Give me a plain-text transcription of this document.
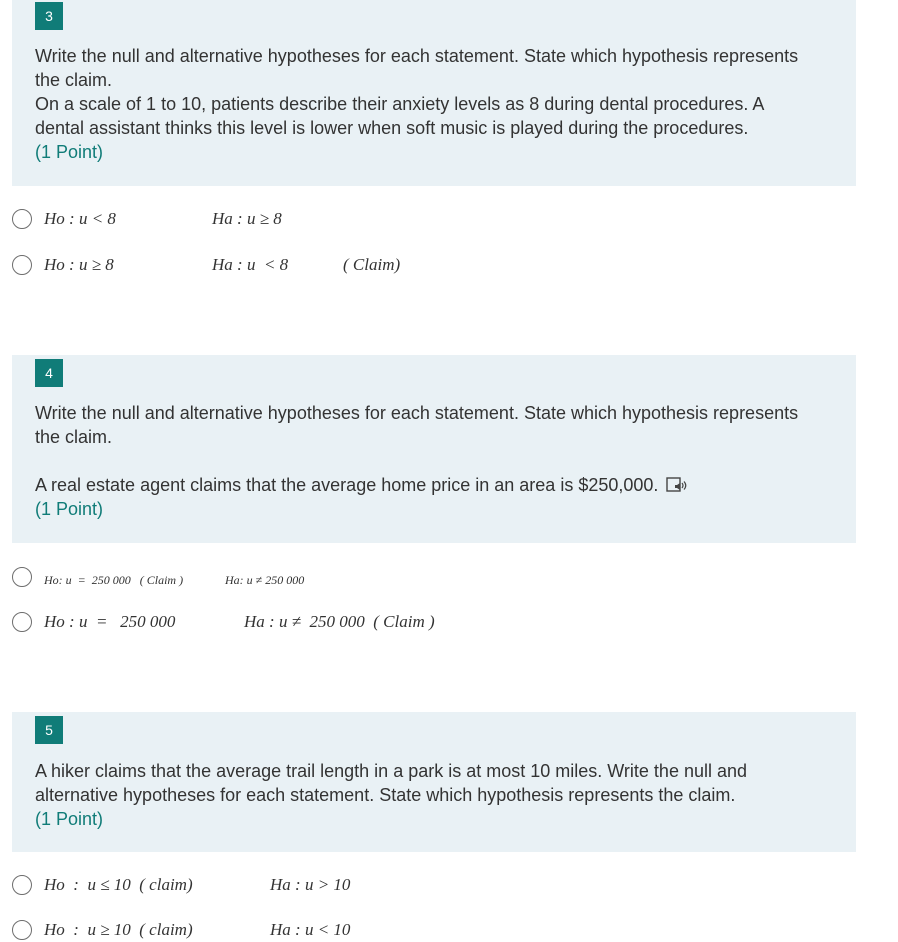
3

Write the null and alternative hypotheses for each statement. State which hypothesis represents the claim.

On a scale of 1 to 10, patients describe their anxiety levels as 8 during dental procedures. A dental assistant thinks this level is lower when soft music is played during the procedures.

(1 Point)

Ho : u < 8	Ha : u ≥ 8
Ho : u ≥ 8	Ha : u  < 8	( Claim)
4

Write the null and alternative hypotheses for each statement. State which hypothesis represents the claim.

A real estate agent claims that the average home price in an area is $250,000.

(1 Point)

Ho: u  =  250 000   ( Claim )	Ha: u ≠ 250 000
Ho : u  =   250 000	Ha : u ≠  250 000  ( Claim )
5

A hiker claims that the average trail length in a park is at most 10 miles. Write the null and alternative hypotheses for each statement. State which hypothesis represents the claim.

(1 Point)

Ho  :  u ≤ 10  ( claim)	Ha : u > 10
Ho  :  u ≥ 10  ( claim)	Ha : u < 10
